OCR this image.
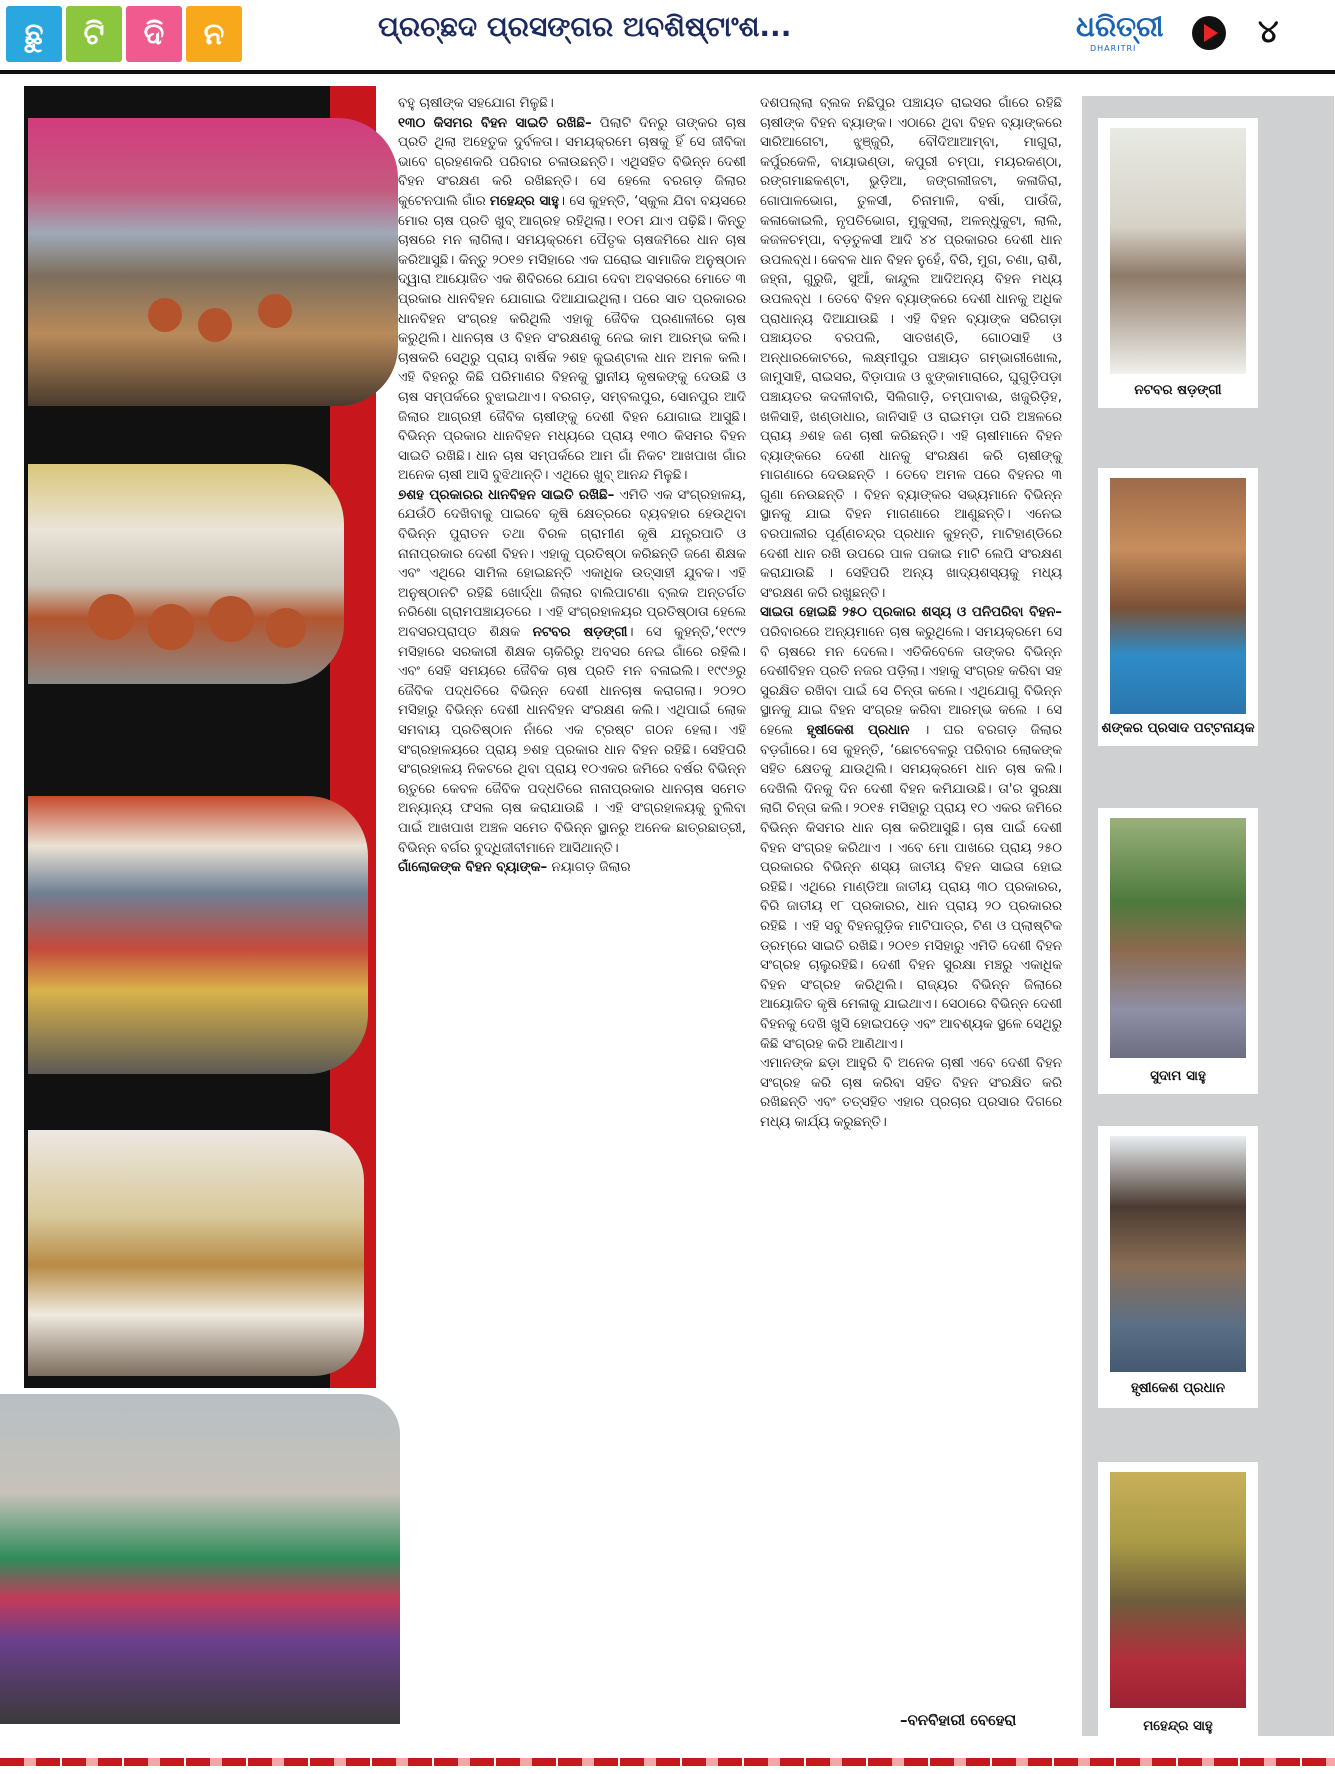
ଛୁ	ଟି	ଦି	ନ	ପ୍ରଚ୍ଛଦ ପ୍ରସଙ୍ଗର ଅବଶିଷ୍ଟାଂଶ...	ଧରିତ୍ରୀ
DHARITRI	୪

ବହୁ ଚାଷୀଙ୍କ ସହଯୋଗ ମିଳୁଛି।

୧୩୦ କିସମର ବିହନ ସାଇତି ରଖିଛି– ପିଲାଟି ଦିନରୁ ତାଙ୍କର ଚାଷ ପ୍ରତି ଥିଲା ଅହେତୁକ ଦୁର୍ବଳତା। ସମୟକ୍ରମେ ଚାଷକୁ ହିଁ ସେ ଜୀବିକା ଭାବେ ଗ୍ରହଣକରି ପରିବାର ଚଳାଉଛନ୍ତି। ଏଥିସହିତ ବିଭିନ୍ନ ଦେଶୀ ବିହନ ସଂରକ୍ଷଣ କରି ରଖିଛନ୍ତି। ସେ ହେଲେ ବରଗଡ଼ ଜିଲାର କୁଟେନପାଲି ଗାଁର ମହେନ୍ଦ୍ର ସାହୁ। ସେ କୁହନ୍ତି, ‘ସ୍କୁଲ ଯିବା ବୟସରେ ମୋର ଚାଷ ପ୍ରତି ଖୁବ୍ ଆଗ୍ରହ ରହିଥିଲା। ୧୦ମ ଯାଏ ପଢ଼ିଛି। କିନ୍ତୁ ଚାଷରେ ମନ ଲାଗିଲା। ସମୟକ୍ରମେ ପୈତୃକ ଚାଷଜମିରେ ଧାନ ଚାଷ କରିଆସୁଛି। କିନ୍ତୁ ୨୦୧୭ ମସିହାରେ ଏକ ଘରୋଇ ସାମାଜିକ ଅନୁଷ୍ଠାନ ଦ୍ୱାରା ଆୟୋଜିତ ଏକ ଶିବିରରେ ଯୋଗ ଦେବା ଅବସରରେ ମୋତେ ୩ ପ୍ରକାର ଧାନବିହନ ଯୋଗାଇ ଦିଆଯାଇଥିଲା। ପରେ ସାତ ପ୍ରକାରର ଧାନବିହନ ସଂଗ୍ରହ କରିଥିଲି ଏହାକୁ ଜୈବିକ ପ୍ରଣାଳୀରେ ଚାଷ କରୁଥିଲି। ଧାନଚାଷ ଓ ବିହନ ସଂରକ୍ଷଣକୁ ନେଇ କାମ ଆରମ୍ଭ କଲି। ଚାଷକରି ସେଥିରୁ ପ୍ରାୟ ବାର୍ଷିକ ୨ଶହ କୁଇଣ୍ଟାଲ ଧାନ ଅମଳ କଲି। ଏହି ବିହନରୁ କିଛି ପରିମାଣର ବିହନକୁ ସ୍ଥାନୀୟ କୃଷକଙ୍କୁ ଦେଉଛି ଓ ଚାଷ ସମ୍ପର୍କରେ ବୁଝାଇଥାଏ। ବରଗଡ଼, ସମ୍ବଲପୁର, ସୋନପୁର ଆଦି ଜିଲାର ଆଗ୍ରହୀ ଜୈବିକ ଚାଷୀଙ୍କୁ ଦେଶୀ ବିହନ ଯୋଗାଇ ଆସୁଛି। ବିଭିନ୍ନ ପ୍ରକାର ଧାନବିହନ ମଧ୍ୟରେ ପ୍ରାୟ ୧୩୦ କିସମର ବିହନ ସାଇତି ରଖିଛି। ଧାନ ଚାଷ ସମ୍ପର୍କରେ ଆମ ଗାଁ ନିକଟ ଆଖପାଖ ଗାଁର ଅନେକ ଚାଷୀ ଆସି ବୁଝିଥାନ୍ତି। ଏଥିରେ ଖୁବ୍ ଆନନ୍ଦ ମିଳୁଛି।

୭ଶହ ପ୍ରକାରର ଧାନବିହନ ସାଇତି ରଖିଛି– ଏମିତି ଏକ ସଂଗ୍ରହାଳୟ, ଯେଉଁଠି ଦେଖିବାକୁ ପାଇବେ କୃଷି କ୍ଷେତ୍ରରେ ବ୍ୟବହାର ହେଉଥିବା ବିଭିନ୍ନ ପୁରାତନ ତଥା ବିରଳ ଗ୍ରାମୀଣ କୃଷି ଯନ୍ତ୍ରପାତି ଓ ନାନାପ୍ରକାର ଦେଶୀ ବିହନ। ଏହାକୁ ପ୍ରତିଷ୍ଠା କରିଛନ୍ତି ଜଣେ ଶିକ୍ଷକ ଏବଂ ଏଥିରେ ସାମିଲ ହୋଇଛନ୍ତି ଏକାଧିକ ଉତ୍ସାହୀ ଯୁବକ। ଏହି ଅନୁଷ୍ଠାନଟି ରହିଛି ଖୋର୍ଦ୍ଧା ଜିଲାର ବାଲିପାଟଣା ବ୍ଲକ ଅନ୍ତର୍ଗତ ନରିଶୋ ଗ୍ରାମପଞ୍ଚାୟତରେ । ଏହି ସଂଗ୍ରହାଳୟର ପ୍ରତିଷ୍ଠାତା ହେଲେ ଅବସରପ୍ରାପ୍ତ ଶିକ୍ଷକ ନଟବର ଷଡ଼ଙ୍ଗୀ। ସେ କୁହନ୍ତି,‘୧୯୯୨ ମସିହାରେ ସରକାରୀ ଶିକ୍ଷକ ଚାକିରିରୁ ଅବସର ନେଇ ଗାଁରେ ରହିଲି। ଏବଂ ସେହି ସମୟରେ ଜୈବିକ ଚାଷ ପ୍ରତି ମନ ବଳାଇଲି। ୧୯୯୬ରୁ ଜୈବିକ ପଦ୍ଧତିରେ ବିଭିନ୍ନ ଦେଶୀ ଧାନଚାଷ କରାଗଲା। ୨୦୨୦ ମସିହାରୁ ବିଭିନ୍ନ ଦେଶୀ ଧାନବିହନ ସଂରକ୍ଷଣ କଲି। ଏଥିପାଇଁ ଲୋକ ସମବାୟ ପ୍ରତିଷ୍ଠାନ ନାଁରେ ଏକ ଟ୍ରଷ୍ଟ ଗଠନ ହେଲା। ଏହି ସଂଗ୍ରହାଳୟରେ ପ୍ରାୟ ୭ଶହ ପ୍ରକାର ଧାନ ବିହନ ରହିଛି। ସେହିପରି ସଂଗ୍ରହାଳୟ ନିକଟରେ ଥିବା ପ୍ରାୟ ୧୦ଏକର ଜମିରେ ବର୍ଷର ବିଭିନ୍ନ ଋତୁରେ କେବଳ ଜୈବିକ ପଦ୍ଧତିରେ ନାନାପ୍ରକାର ଧାନଚାଷ ସମେତ ଅନ୍ୟାନ୍ୟ ଫସଲ ଚାଷ କରାଯାଉଛି । ଏହି ସଂଗ୍ରହାଳୟକୁ ବୁଲିବା ପାଇଁ ଆଖପାଖ ଅଞ୍ଚଳ ସମେତ ବିଭିନ୍ନ ସ୍ଥାନରୁ ଅନେକ ଛାତ୍ରଛାତ୍ରୀ, ବିଭିନ୍ନ ବର୍ଗର ବୁଦ୍ଧିଜୀବୀମାନେ ଆସିଥାନ୍ତି।

ଗାଁଲୋକଙ୍କ ବିହନ ବ୍ୟାଙ୍କ– ନୟାଗଡ଼ ଜିଲାର

ଦଶପଲ୍ଲା ବ୍ଲକ ନଛିପୁର ପଞ୍ଚାୟତ ରାଇସର ଗାଁରେ ରହିଛି ଚାଷୀଙ୍କ ବିହନ ବ୍ୟାଙ୍କ। ଏଠାରେ ଥିବା ବିହନ ବ୍ୟାଙ୍କରେ ସାରିଆଗେଟା, ଝୁଞ୍ଜୁରି, ବୌଦିଆଆମ୍ବା, ମାଗୁରା, କର୍ପୁରକେଳି, ବାୟାଭଣ୍ଡା, କପୁରୀ ଚମ୍ପା, ମୟରକଣ୍ଠା, ରଙ୍ଗମାଛକଣ୍ଟା, ଭୁଡ଼ିଆ, ଜଙ୍ଗଲୀଜଟା, କଳାଜିରା, ଗୋପାଳଭୋଗ, ତୁଳସୀ, ଚିନାମାଳି, ବର୍ଷା, ପାଉଁଜି, କଳାକୋଇଲି, ନୃପତିଭୋଗ, ମୁକୁସଲା, ଅଳନ୍ଧୁକୁଟା, ଲାଲି, କଜଳଚମ୍ପା, ବଡ଼ତୁଳସୀ ଆଦି ୪୪ ପ୍ରକାରର ଦେଶୀ ଧାନ ଉପଲବ୍ଧ। କେବଳ ଧାନ ବିହନ ନୁହେଁ, ବିରି, ମୁଗ, ଚଣା, ରାଶି, ଜହ୍ନା, ଗୁରୁଜି, ସୁଆଁ, କାନ୍ଦୁଲ ଆଦିଅନ୍ୟ ବିହନ ମଧ୍ୟ ଉପଲବ୍ଧ । ତେବେ ବିହନ ବ୍ୟାଙ୍କରେ ଦେଶୀ ଧାନକୁ ଅଧିକ ପ୍ରାଧାନ୍ୟ ଦିଆଯାଉଛି । ଏହି ବିହନ ବ୍ୟାଙ୍କ ସରିଗଡ଼ା ପଞ୍ଚାୟତର ବରପଲି, ସାତଖଣ୍ଡି, ଗୋଠସାହି ଓ ଅନ୍ଧାରକୋଟରେ, ଲକ୍ଷ୍ମୀପୁର ପଞ୍ଚାୟତ ଗମ୍ଭାରୀଖୋଲ, ଜାମୁସାହି, ରାଇସର, ବିଡ଼ାପାଜ ଓ ଝୁଙ୍କାମାରାରେ, ଘୁଗୁଡ଼ିପଡ଼ା ପଞ୍ଚାୟତର କଦଳୀବାରି, ସିଲିଗାଡ଼ି, ଚମ୍ପାବାଈ, ଖଜୁରିଡ଼ିହ, ଖଳିସାହି, ଖଣ୍ଡାଧାର, ଜାନିସାହି ଓ ରାଇମଡ଼ା ପରି ଅଞ୍ଚଳରେ ପ୍ରାୟ ୬ଶହ ଜଣ ଚାଷୀ କରିଛନ୍ତି। ଏହି ଚାଷୀମାନେ ବିହନ ବ୍ୟାଙ୍କରେ ଦେଶୀ ଧାନକୁ ସଂରକ୍ଷଣ କରି ଚାଷୀଙ୍କୁ ମାଗଣାରେ ଦେଉଛନ୍ତି । ତେବେ ଅମଳ ପରେ ବିହନର ୩ ଗୁଣା ନେଉଛନ୍ତି । ବିହନ ବ୍ୟାଙ୍କର ସଭ୍ୟମାନେ ବିଭିନ୍ନ ସ୍ଥାନକୁ ଯାଇ ବିହନ ମାଗଣାରେ ଆଣୁଛନ୍ତି। ଏନେଇ ବରପାଲୀର ପୂର୍ଣ୍ଣଚନ୍ଦ୍ର ପ୍ରଧାନ କୁହନ୍ତି, ମାଟିହାଣ୍ଡିରେ ଦେଶୀ ଧାନ ରଖି ଉପରେ ପାଳ ପକାଇ ମାଟି ଲେପି ସଂରକ୍ଷଣ କରାଯାଉଛି । ସେହିପରି ଅନ୍ୟ ଖାଦ୍ୟଶସ୍ୟକୁ ମଧ୍ୟ ସଂରକ୍ଷଣ କରି ରଖୁଛନ୍ତି।

ସାଇତା ହୋଇଛି ୨୫୦ ପ୍ରକାର ଶସ୍ୟ ଓ ପନିପରିବା ବିହନ– ପରିବାରରେ ଅନ୍ୟମାନେ ଚାଷ କରୁଥିଲେ। ସମୟକ୍ରମେ ସେ ବି ଚାଷରେ ମନ ଦେଲେ। ଏତିକିବେଳେ ତାଙ୍କର ବିଭିନ୍ନ ଦେଶୀବିହନ ପ୍ରତି ନଜର ପଡ଼ିଲା। ଏହାକୁ ସଂଗ୍ରହ କରିବା ସହ ସୁରକ୍ଷିତ ରଖିବା ପାଇଁ ସେ ଚିନ୍ତା କଲେ। ଏଥିଯୋଗୁ ବିଭିନ୍ନ ସ୍ଥାନକୁ ଯାଇ ବିହନ ସଂଗ୍ରହ କରିବା ଆରମ୍ଭ କଲେ । ସେ ହେଲେ ହୃଷୀକେଶ ପ୍ରଧାନ । ଘର ବରଗଡ଼ ଜିଲାର ବଡ଼ଗାଁରେ। ସେ କୁହନ୍ତି, ‘ଛୋଟବେଳରୁ ପରିବାର ଲୋକଙ୍କ ସହିତ କ୍ଷେତକୁ ଯାଉଥିଲି। ସମୟକ୍ରମେ ଧାନ ଚାଷ କଲି। ଦେଖିଲି ଦିନକୁ ଦିନ ଦେଶୀ ବିହନ କମିଯାଉଛି। ତା'ର ସୁରକ୍ଷା ଲାଗି ଚିନ୍ତା କଲି। ୨୦୧୫ ମସିହାରୁ ପ୍ରାୟ ୧୦ ଏକର ଜମିରେ ବିଭିନ୍ନ କିସମର ଧାନ ଚାଷ କରିଆସୁଛି। ଚାଷ ପାଇଁ ଦେଶୀ ବିହନ ସଂଗ୍ରହ କରିଥାଏ । ଏବେ ମୋ ପାଖରେ ପ୍ରାୟ ୨୫୦ ପ୍ରକାରର ବିଭିନ୍ନ ଶସ୍ୟ ଜାତୀୟ ବିହନ ସାଇତା ହୋଇ ରହିଛି। ଏଥିରେ ମାଣ୍ଡିଆ ଜାତୀୟ ପ୍ରାୟ ୩୦ ପ୍ରକାରର, ବିରି ଜାତୀୟ ୧୮ ପ୍ରକାରର, ଧାନ ପ୍ରାୟ ୨୦ ପ୍ରକାରର ରହିଛି । ଏହି ସବୁ ବିହନଗୁଡ଼ିକ ମାଟିପାତ୍ର, ଟିଣ ଓ ପ୍ଲାଷ୍ଟିକ ଡ୍ରମ୍‌ରେ ସାଇତି ରଖିଛି। ୨୦୧୭ ମସିହାରୁ ଏମିତି ଦେଶୀ ବିହନ ସଂଗ୍ରହ ଚାଲୁରହିଛି। ଦେଶୀ ବିହନ ସୁରକ୍ଷା ମଞ୍ଚରୁ ଏକାଧିକ ବିହନ ସଂଗ୍ରହ କରିଥିଲି। ରାଜ୍ୟର ବିଭିନ୍ନ ଜିଲାରେ ଆୟୋଜିତ କୃଷି ମେଳାକୁ ଯାଇଥାଏ। ସେଠାରେ ବିଭିନ୍ନ ଦେଶୀ ବିହନକୁ ଦେଖି ଖୁସି ହୋଇପଡ଼େ ଏବଂ ଆବଶ୍ୟକ ସ୍ଥଳେ ସେଥିରୁ କିଛି ସଂଗ୍ରହ କରି ଆଣିଥାଏ।

ଏମାନଙ୍କ ଛଡ଼ା ଆହୁରି ବି ଅନେକ ଚାଷୀ ଏବେ ଦେଶୀ ବିହନ ସଂଗ୍ରହ କରି ଚାଷ କରିବା ସହିତ ବିହନ ସଂରକ୍ଷିତ କରି ରଖିଛନ୍ତି ଏବଂ ତତ୍‌ସହିତ ଏହାର ପ୍ରଚାର ପ୍ରସାର ଦିଗରେ ମଧ୍ୟ କାର୍ଯ୍ୟ କରୁଛନ୍ତି।

–ବନବିହାରୀ ବେହେରା
ନଟବର ଷଡ଼ଙ୍ଗୀ
ଶଙ୍କର ପ୍ରସାଦ ପଟ୍ଟନାୟକ
ସୁଦାମ ସାହୁ
ହୃଷୀକେଶ ପ୍ରଧାନ
ମହେନ୍ଦ୍ର ସାହୁ
